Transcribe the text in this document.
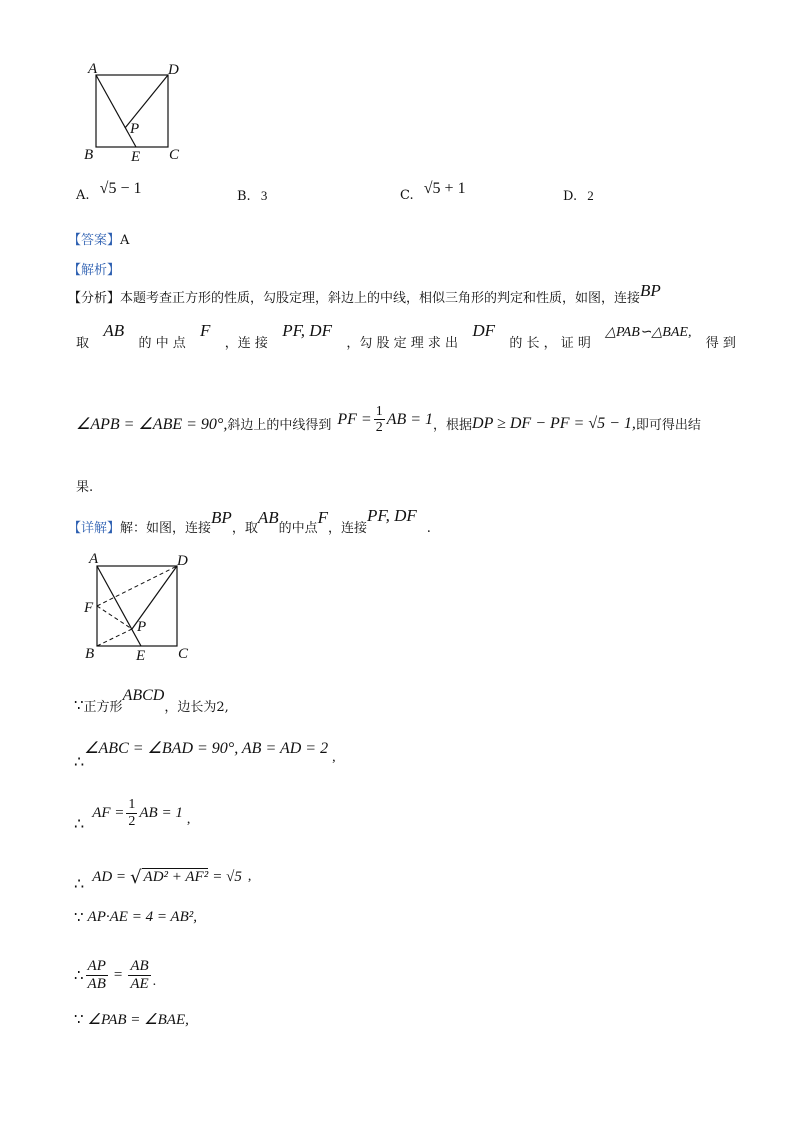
A	D
P
B	E C
A. √5 − 1	B. 3	C. √5 + 1	D. 2
【答案】A
【解析】
【分析】本题考查正方形的性质，勾股定理，斜边上的中线，相似三角形的判定和性质，如图，连接BP
取
AB
的 中 点
F
，连 接
PF, DF
，勾 股 定 理 求 出
DF
的 长 ， 证 明
△PAB∽△BAE,
得 到
∠APB = ∠ABE = 90°, 斜边上的中线得到 PF = $\frac{1}{2}$ AB = 1 ，根据 DP ≥ DF − PF = √5 − 1, 即可得出结
果.
【详解】 解：如图，连接
BP
，取
AB
的中点
F
，连接
PF, DF
.
A	D
F
P
B	E C
∵ 正方形
ABCD
，边长为2,
∴
∠ABC = ∠BAD = 90°, AB = AD = 2
,
∴
AF = $\frac{1}{2}$ AB = 1 ,
∴ AD = √ AD² + AF² = √5 ,
∵ AP·AE = 4 = AB²,
∴ $\frac{AP}{AB} = \frac{AB}{AE}$ .
∵ ∠PAB = ∠BAE,
